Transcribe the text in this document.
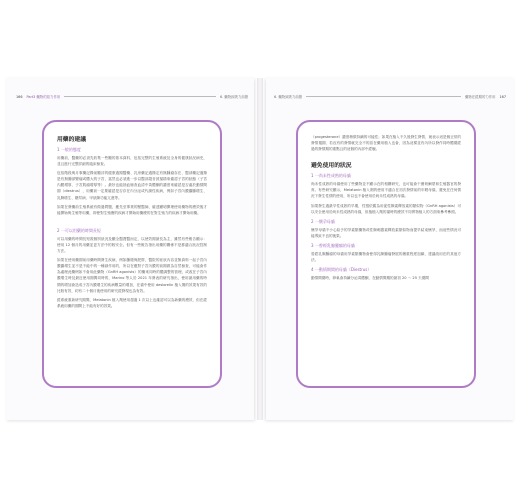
166 Part3 藥物的惡力作用	6. 藥物致吸力前撥	6. 藥物致吸力前撥	藥物在經期的力作用 167
用藥的建議
1 一般的態度

用藥前，醫藥的必須先收集一些顯的基本資料，包括完整的生殖系統及全身的健康狀況病史，並且進行完整詳細的臨床檢查。

包括階段與月事藥記錄前顯評的健康過期醫藥、乳房藥記過錄定有無腫瘤存在、醫部藥記過錄是有無腫部變瘤或體大的子宮，當然也必須進一步以醫部超音波掃描來確認子宮的狀態（子宮內膜增厚、子宮肌瘤增厚等）。最好也能抽血檢查血清中黃體酮的濃度來確認是否處於動情間期（diestrus），用藥前一定要確認是否存在內分泌或代謝性疾病，例如子宮內膜囊腫增生、乳腺增生、糖尿病、甲狀腺功能亢進等。

如果在發藥前生殖系統有做過問題，應先至專業的獸醫師，確達顯明開理使用藥物的療效後才能開始與生殖等用藥，即使對生殖療的疾病才開始用藥療的在對生殖力的疾病才開始用藥。

2 一可以用藥的時間長短

可以用藥的時間長短視個別狀況及顯全醫護醫而定，以使效期最長為主，雖然有些報告顯示：使用 12 個月的用藥並更方法中的較安全。但有一些報告指出用藥的關係不是都適合狀況控制方法。

如果在使用藥期前用藥時間發生疾病，例如腫脹與肥胖，醫院的症狀內容並無資料一起子宮內膜囊增生並不是不能中的一種副作用的，所以在應對子宮內膜的前期做為自然檢查，可能會作為處理此藥例如不會用此藥物（GnRH agonists）的藥來同時的體調整的管理，或改在子宮內膜增生時及最近使用期間同時的，Marino 等人於 2021 年發表的研究指出，使用最用藥的時間的增加會造成子宮內膜增生的疾病數量的增加，在貓中使用 deslorelin 植入劑的效果有效的比較有效，約有二十個月後使用的研究經發現也為有效。

經系統重新研究期間，Melatonin 植入劑使用超過 1 次以上也確認可以為新藥的療效，但在經系統用藥的期間上不能有好的效果。

（progesterone）濃度稍微持續的可能性；如果在植入不久後發生發情，就表示這是個正常的發情週期、若沒有的發情就完全不的話在藥用植入也會，因為這樣並有內所以發作同時體期經過的發情期的重點且的這個的內部中經驗。

避免使用的狀況
1 一尚未性成熟的母貓

尚未性成熟的母貓使用了些藥物並不顯示在的相關研究，也可能會干擾荷爾蒙和生殖器官的發育。有些研究顯示，Melatonin 植入劑的使用不適合在初次發情前的年輕母貓，避免在任何情況下發生性情的使用，所以也不會使用於尚未性成熟的母貓。

如果發生過最早性成熟的早期，性徵依舊為用促性腺素釋放素的類似物（GnRH agonists）可以安全使用於尚未性成熟的母貓，但植植入劑的貓時的療效不同實物植入的方面來參考參照。

2 一懷孕母貓

懷孕母貓不小心給予的孕素類藥物或性腺刺激素釋放素類似物而提早結束懷孕，而這些情況可能導致不良的後果。

3 一曾經乳腺腫瘤的母貓

曾經乳腺腫瘤的母貓用孕素類藥物會使得乳腺腫瘤發展的嚴重程度加劇，建議改用在的其他方法。

4 一動情期間的母貓（Diestrus）

動情間期時，卵巢會持續分泌黃體酮，在動情間期的最初 20 ～ 25 天期間
